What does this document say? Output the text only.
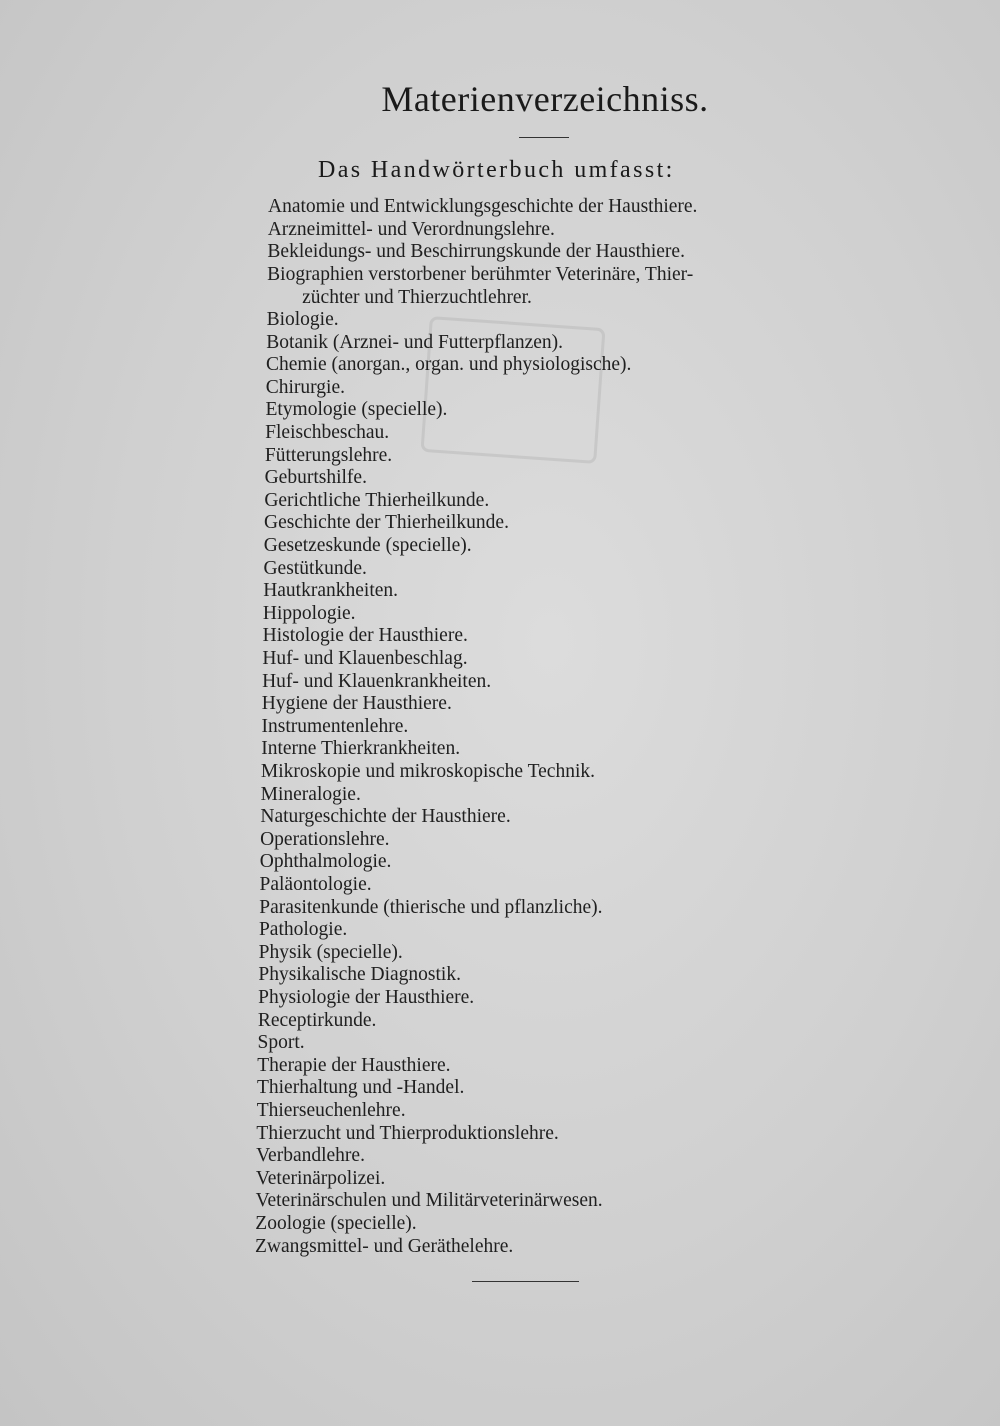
Materienverzeichniss.
Das Handwörterbuch umfasst:
Anatomie und Entwicklungsgeschichte der Hausthiere.
Arzneimittel- und Verordnungslehre.
Bekleidungs- und Beschirrungskunde der Hausthiere.
Biographien verstorbener berühmter Veterinäre, Thier-
züchter und Thierzuchtlehrer.
Biologie.
Botanik (Arznei- und Futterpflanzen).
Chemie (anorgan., organ. und physiologische).
Chirurgie.
Etymologie (specielle).
Fleischbeschau.
Fütterungslehre.
Geburtshilfe.
Gerichtliche Thierheilkunde.
Geschichte der Thierheilkunde.
Gesetzeskunde (specielle).
Gestütkunde.
Hautkrankheiten.
Hippologie.
Histologie der Hausthiere.
Huf- und Klauenbeschlag.
Huf- und Klauenkrankheiten.
Hygiene der Hausthiere.
Instrumentenlehre.
Interne Thierkrankheiten.
Mikroskopie und mikroskopische Technik.
Mineralogie.
Naturgeschichte der Hausthiere.
Operationslehre.
Ophthalmologie.
Paläontologie.
Parasitenkunde (thierische und pflanzliche).
Pathologie.
Physik (specielle).
Physikalische Diagnostik.
Physiologie der Hausthiere.
Receptirkunde.
Sport.
Therapie der Hausthiere.
Thierhaltung und -Handel.
Thierseuchenlehre.
Thierzucht und Thierproduktionslehre.
Verbandlehre.
Veterinärpolizei.
Veterinärschulen und Militärveterinärwesen.
Zoologie (specielle).
Zwangsmittel- und Geräthelehre.
